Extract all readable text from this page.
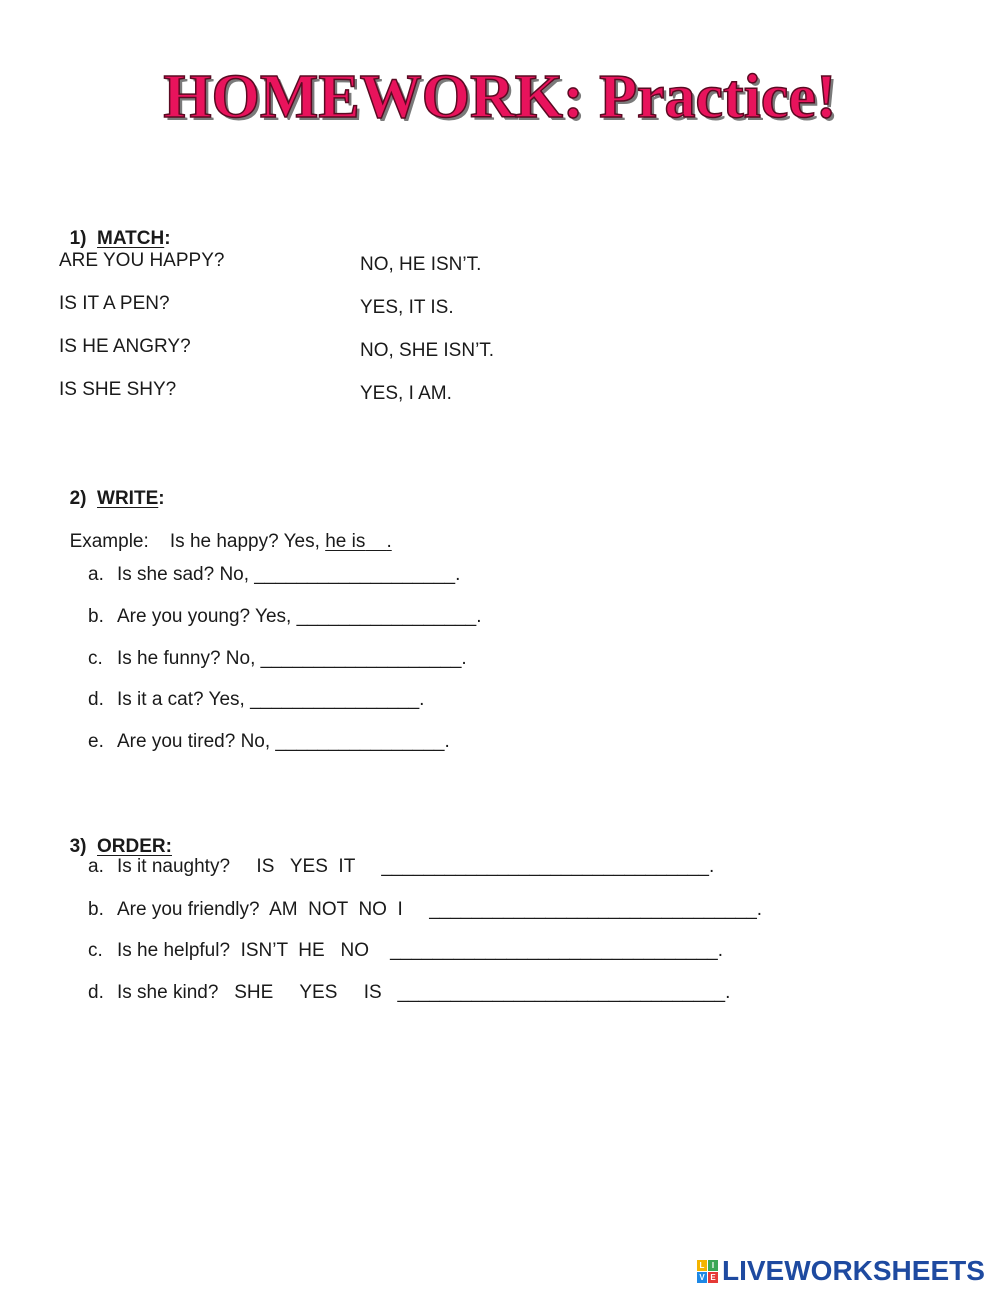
HOMEWORK: Practice!

1) MATCH:

ARE YOU HAPPY?
IS IT A PEN?
IS HE ANGRY?
IS SHE SHY?
NO, HE ISN’T.
YES, IT IS.
NO, SHE ISN’T.
YES, I AM.

2) WRITE:

Example: Is he happy? Yes, he is .

a. Is she sad? No, ___________________.
b. Are you young? Yes, _________________.
c. Is he funny? No, ___________________.
d. Is it a cat? Yes, ________________.
e. Are you tired? No, ________________.

3) ORDER:

a. Is it naughty?     IS   YES  IT     _______________________________.
b. Are you friendly?  AM  NOT  NO  I     _______________________________.
c. Is he helpful?  ISN’T  HE   NO    _______________________________.
d. Is she kind?   SHE     YES     IS   _______________________________.
L I
V E LIVEWORKSHEETS
